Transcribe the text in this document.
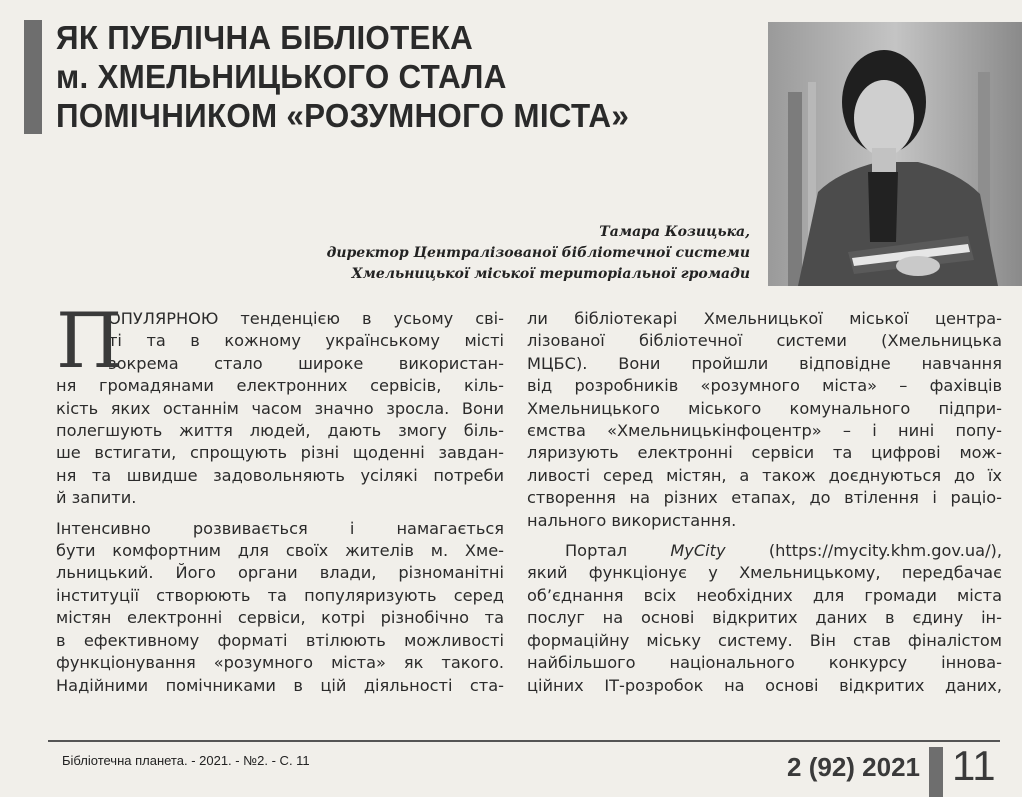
ЯК ПУБЛІЧНА БІБЛІОТЕКА
м. ХМЕЛЬНИЦЬКОГО СТАЛА
ПОМІЧНИКОМ «РОЗУМНОГО МІСТА»
Тамара Козицька,
директор Централізованої бібліотечної системи
Хмельницької міської територіальної громади
П
ОПУЛЯРНОЮ тенденцією в усьому сві-
ті та в кожному українському місті
зокрема стало широке використан-
ня громадянами електронних сервісів, кіль-
кість яких останнім часом значно зросла. Вони
полегшують життя людей, дають змогу біль-
ше встигати, спрощують різні щоденні завдан-
ня та швидше задовольняють усілякі потреби
й запити.
Інтенсивно розвивається і намагається
бути комфортним для своїх жителів м. Хме-
льницький. Його органи влади, різноманітні
інституції створюють та популяризують серед
містян електронні сервіси, котрі різнобічно та
в ефективному форматі втілюють можливості
функціонування «розумного міста» як такого.
Надійними помічниками в цій діяльності ста-
ли бібліотекарі Хмельницької міської центра-
лізованої бібліотечної системи (Хмельницька
МЦБС). Вони пройшли відповідне навчання
від розробників «розумного міста» – фахівців
Хмельницького міського комунального підпри-
ємства «Хмельницькінфоцентр» – і нині попу-
ляризують електронні сервіси та цифрові мож-
ливості серед містян, а також доєднуються до їх
створення на різних етапах, до втілення і раціо-
нального використання.
Портал MyCity (https://mycity.khm.gov.ua/),
який функціонує у Хмельницькому, передбачає
об’єднання всіх необхідних для громади міста
послуг на основі відкритих даних в єдину ін-
формаційну міську систему. Він став фіналістом
найбільшого національного конкурсу іннова-
ційних ІТ-розробок на основі відкритих даних,
Бібліотечна планета. - 2021. - №2. - С. 11	2 (92) 2021 11
